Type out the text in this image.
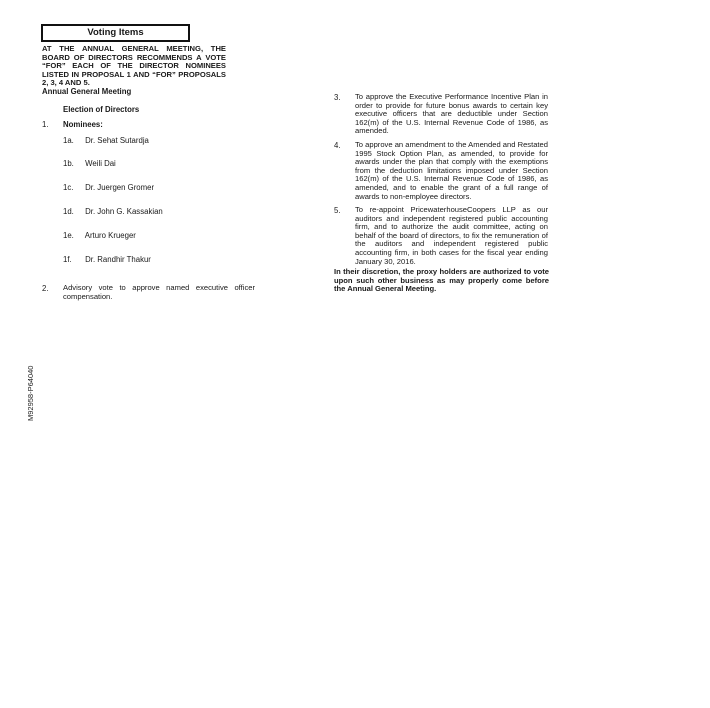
Voting Items
AT THE ANNUAL GENERAL MEETING, THE BOARD OF DIRECTORS RECOMMENDS A VOTE “FOR” EACH OF THE DIRECTOR NOMINEES LISTED IN PROPOSAL 1 AND “FOR” PROPOSALS 2, 3, 4 AND 5.
Annual General Meeting
Election of Directors
1. Nominees:
1a. Dr. Sehat Sutardja
1b. Weili Dai
1c. Dr. Juergen Gromer
1d. Dr. John G. Kassakian
1e. Arturo Krueger
1f. Dr. Randhir Thakur
2. Advisory vote to approve named executive officer compensation.
3. To approve the Executive Performance Incentive Plan in order to provide for future bonus awards to certain key executive officers that are deductible under Section 162(m) of the U.S. Internal Revenue Code of 1986, as amended.
4. To approve an amendment to the Amended and Restated 1995 Stock Option Plan, as amended, to provide for awards under the plan that comply with the exemptions from the deduction limitations imposed under Section 162(m) of the U.S. Internal Revenue Code of 1986, as amended, and to enable the grant of a full range of awards to non-employee directors.
5. To re-appoint PricewaterhouseCoopers LLP as our auditors and independent registered public accounting firm, and to authorize the audit committee, acting on behalf of the board of directors, to fix the remuneration of the auditors and independent registered public accounting firm, in both cases for the fiscal year ending January 30, 2016.
In their discretion, the proxy holders are authorized to vote upon such other business as may properly come before the Annual General Meeting.
M92958-P64040
